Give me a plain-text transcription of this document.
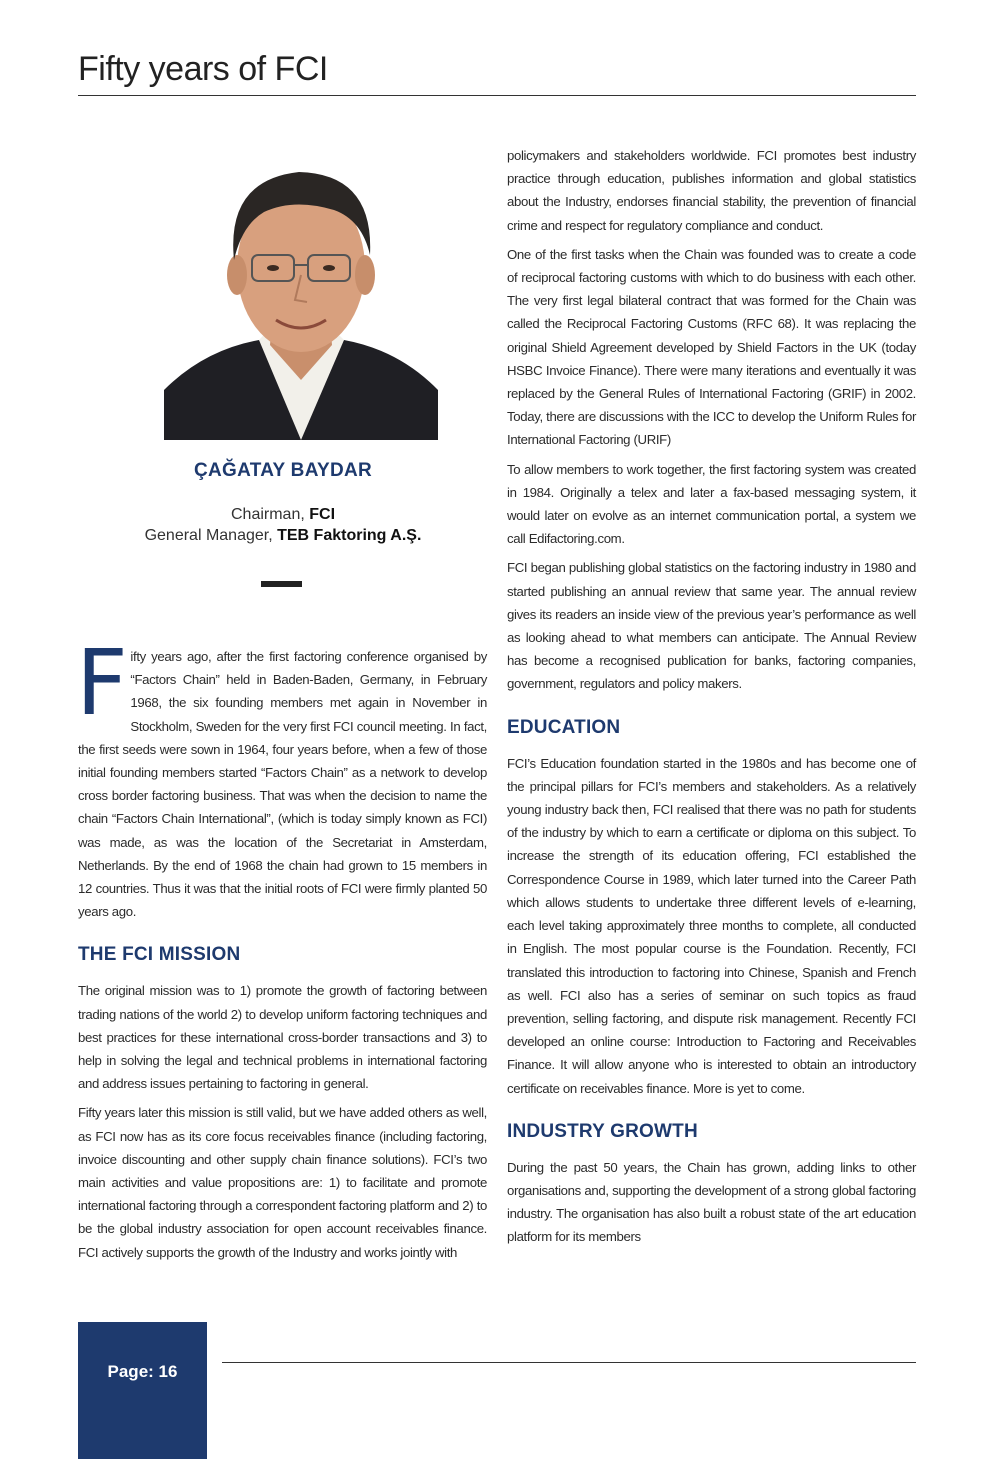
Fifty years of FCI
ÇAĞATAY BAYDAR
Chairman, FCI
General Manager, TEB Faktoring A.Ş.

Fifty years ago, after the first factoring conference organised by “Factors Chain” held in Baden-Baden, Germany, in February 1968, the six founding members met again in November in Stockholm, Sweden for the very first FCI council meeting. In fact, the first seeds were sown in 1964, four years before, when a few of those initial founding members started “Factors Chain” as a network to develop cross border factoring business. That was when the decision to name the chain “Factors Chain International”, (which is today simply known as FCI) was made, as was the location of the Secretariat in Amsterdam, Netherlands. By the end of 1968 the chain had grown to 15 members in 12 countries. Thus it was that the initial roots of FCI were firmly planted 50 years ago.

THE FCI MISSION

The original mission was to 1) promote the growth of factoring between trading nations of the world 2) to develop uniform factoring techniques and best practices for these international cross-border transactions and 3) to help in solving the legal and technical problems in international factoring and address issues pertaining to factoring in general.

Fifty years later this mission is still valid, but we have added others as well, as FCI now has as its core focus receivables finance (including factoring, invoice discounting and other supply chain finance solutions). FCI’s two main activities and value propositions are: 1) to facilitate and promote international factoring through a correspondent factoring platform and 2) to be the global industry association for open account receivables finance. FCI actively supports the growth of the Industry and works jointly with

policymakers and stakeholders worldwide. FCI promotes best industry practice through education, publishes information and global statistics about the Industry, endorses financial stability, the prevention of financial crime and respect for regulatory compliance and conduct.

One of the first tasks when the Chain was founded was to create a code of reciprocal factoring customs with which to do business with each other. The very first legal bilateral contract that was formed for the Chain was called the Reciprocal Factoring Customs (RFC 68). It was replacing the original Shield Agreement developed by Shield Factors in the UK (today HSBC Invoice Finance). There were many iterations and eventually it was replaced by the General Rules of International Factoring (GRIF) in 2002. Today, there are discussions with the ICC to develop the Uniform Rules for International Factoring (URIF)

To allow members to work together, the first factoring system was created in 1984. Originally a telex and later a fax-based messaging system, it would later on evolve as an internet communication portal, a system we call Edifactoring.com.

FCI began publishing global statistics on the factoring industry in 1980 and started publishing an annual review that same year. The annual review gives its readers an inside view of the previous year’s performance as well as looking ahead to what members can anticipate. The Annual Review has become a recognised publication for banks, factoring companies, government, regulators and policy makers.

EDUCATION

FCI’s Education foundation started in the 1980s and has become one of the principal pillars for FCI’s members and stakeholders. As a relatively young industry back then, FCI realised that there was no path for students of the industry by which to earn a certificate or diploma on this subject. To increase the strength of its education offering, FCI established the Correspondence Course in 1989, which later turned into the Career Path which allows students to undertake three different levels of e-learning, each level taking approximately three months to complete, all conducted in English. The most popular course is the Foundation. Recently, FCI translated this introduction to factoring into Chinese, Spanish and French as well. FCI also has a series of seminar on such topics as fraud prevention, selling factoring, and dispute risk management. Recently FCI developed an online course: Introduction to Factoring and Receivables Finance. It will allow anyone who is interested to obtain an introductory certificate on receivables finance. More is yet to come.

INDUSTRY GROWTH

During the past 50 years, the Chain has grown, adding links to other organisations and, supporting the development of a strong global factoring industry. The organisation has also built a robust state of the art education platform for its members

Page: 16
